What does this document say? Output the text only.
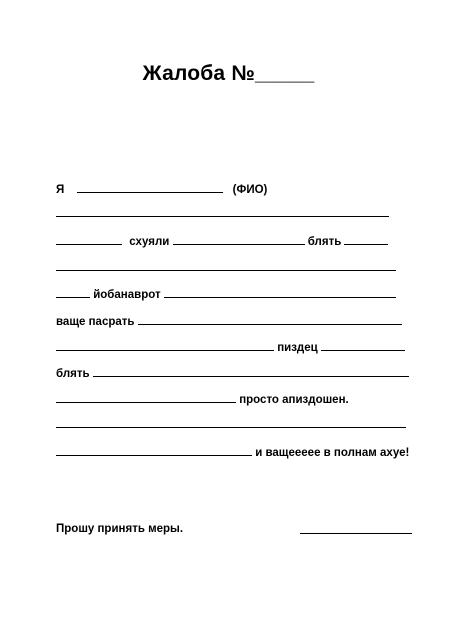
Жалоба №_____
Я	(ФИО)
схуяли	блять
йобанаврот
ваще пасрать
пиздец
блять
просто апиздошен.
и ващеееее в полнам ахуе!
Прошу принять меры.
